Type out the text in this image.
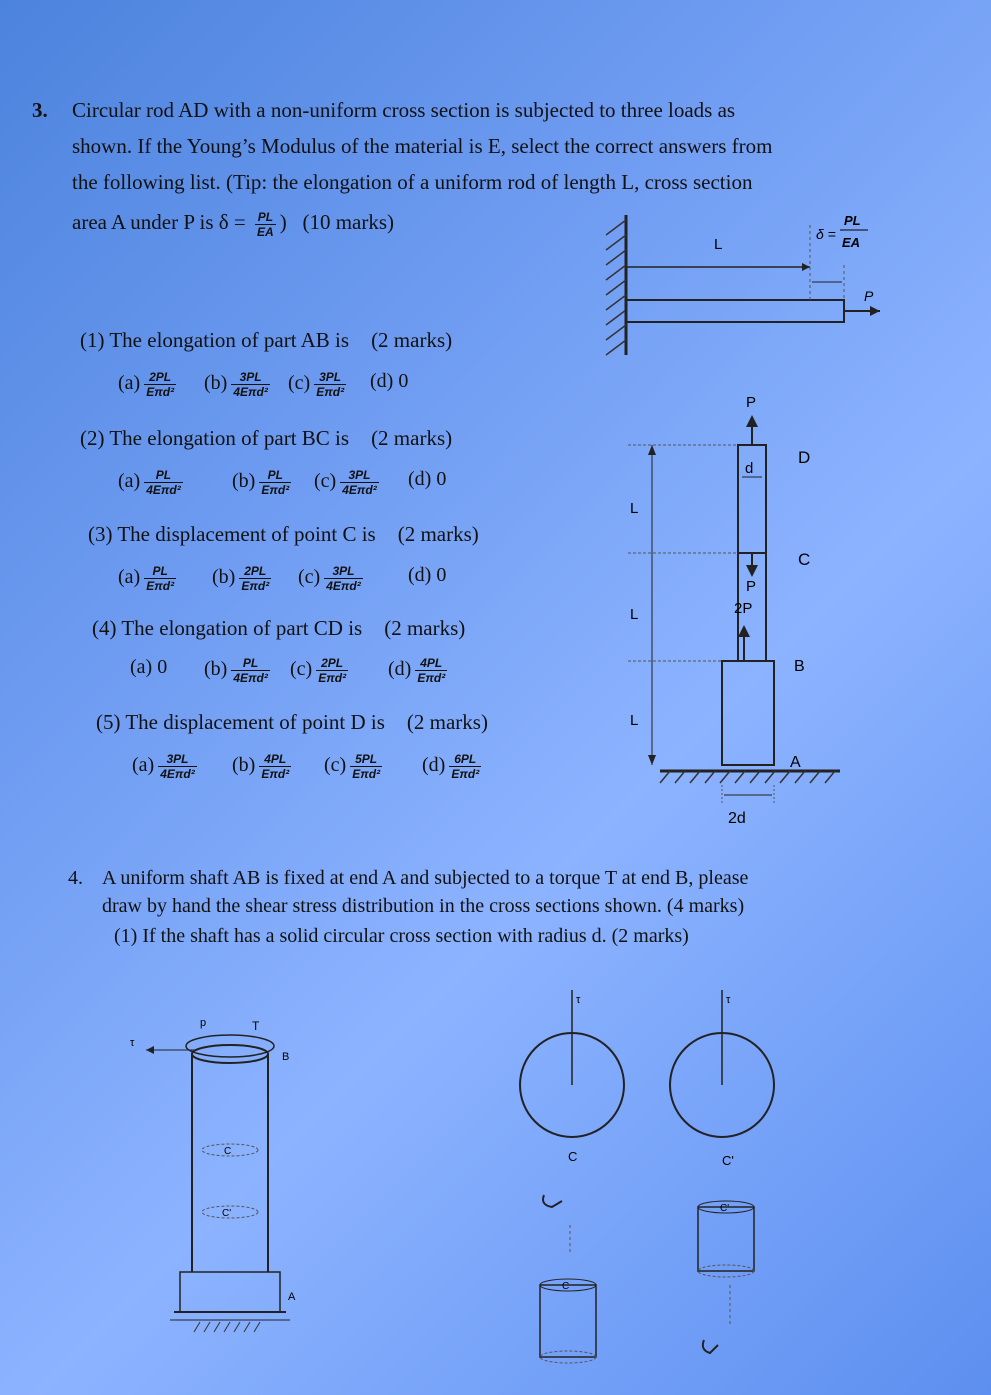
3. Circular rod AD with a non-uniform cross section is subjected to three loads as
shown. If the Young’s Modulus of the material is E, select the correct answers from
the following list. (Tip: the elongation of a uniform rod of length L, cross section
area A under P is $\delta = \frac{PL}{EA}$ ) (10 marks)
(1) The elongation of part AB is (2 marks)
$(a) \frac{2PL}{\text{Eπd²}} (b) \frac{3PL}{\text{4Eπd²}} (c) \frac{3PL}{\text{Eπd²}} (d)$ 0
(2) The elongation of part BC is (2 marks)
$(a) \frac{PL}{\text{4Eπd²}} (b) \frac{PL}{\text{Eπd²}} (c) \frac{3PL}{\text{4Eπd²}} (d)$ 0
(3) The displacement of point C is (2 marks)
$(a) \frac{PL}{\text{Eπd²}} (b) \frac{2PL}{\text{Eπd²}} (c) \frac{3PL}{\text{4Eπd²}} (d)$ 0
(4) The elongation of part CD is (2 marks)
(a) 0 $(b) \frac{PL}{\text{4Eπd²}} (c) \frac{2PL}{\text{Eπd²}} (d) \frac{4PL}{\text{Eπd²}}$
(5) The displacement of point D is (2 marks)
$(a) \frac{3PL}{\text{4Eπd²}} (b) \frac{4PL}{\text{Eπd²}} (c) \frac{5PL}{\text{Eπd²}} (d) \frac{6PL}{\text{Eπd²}}$
L
δ =
PL
EA
P
P
d
D
L
C
P
2P
L
B
L
A
2d
4. A uniform shaft AB is fixed at end A and subjected to a torque T at end B, please
draw by hand the shear stress distribution in the cross sections shown. (4 marks)
(1) If the shaft has a solid circular cross section with radius d. (2 marks)
τ
p	T
B
C
C'
A
τ	τ
C	C'
C
C'
